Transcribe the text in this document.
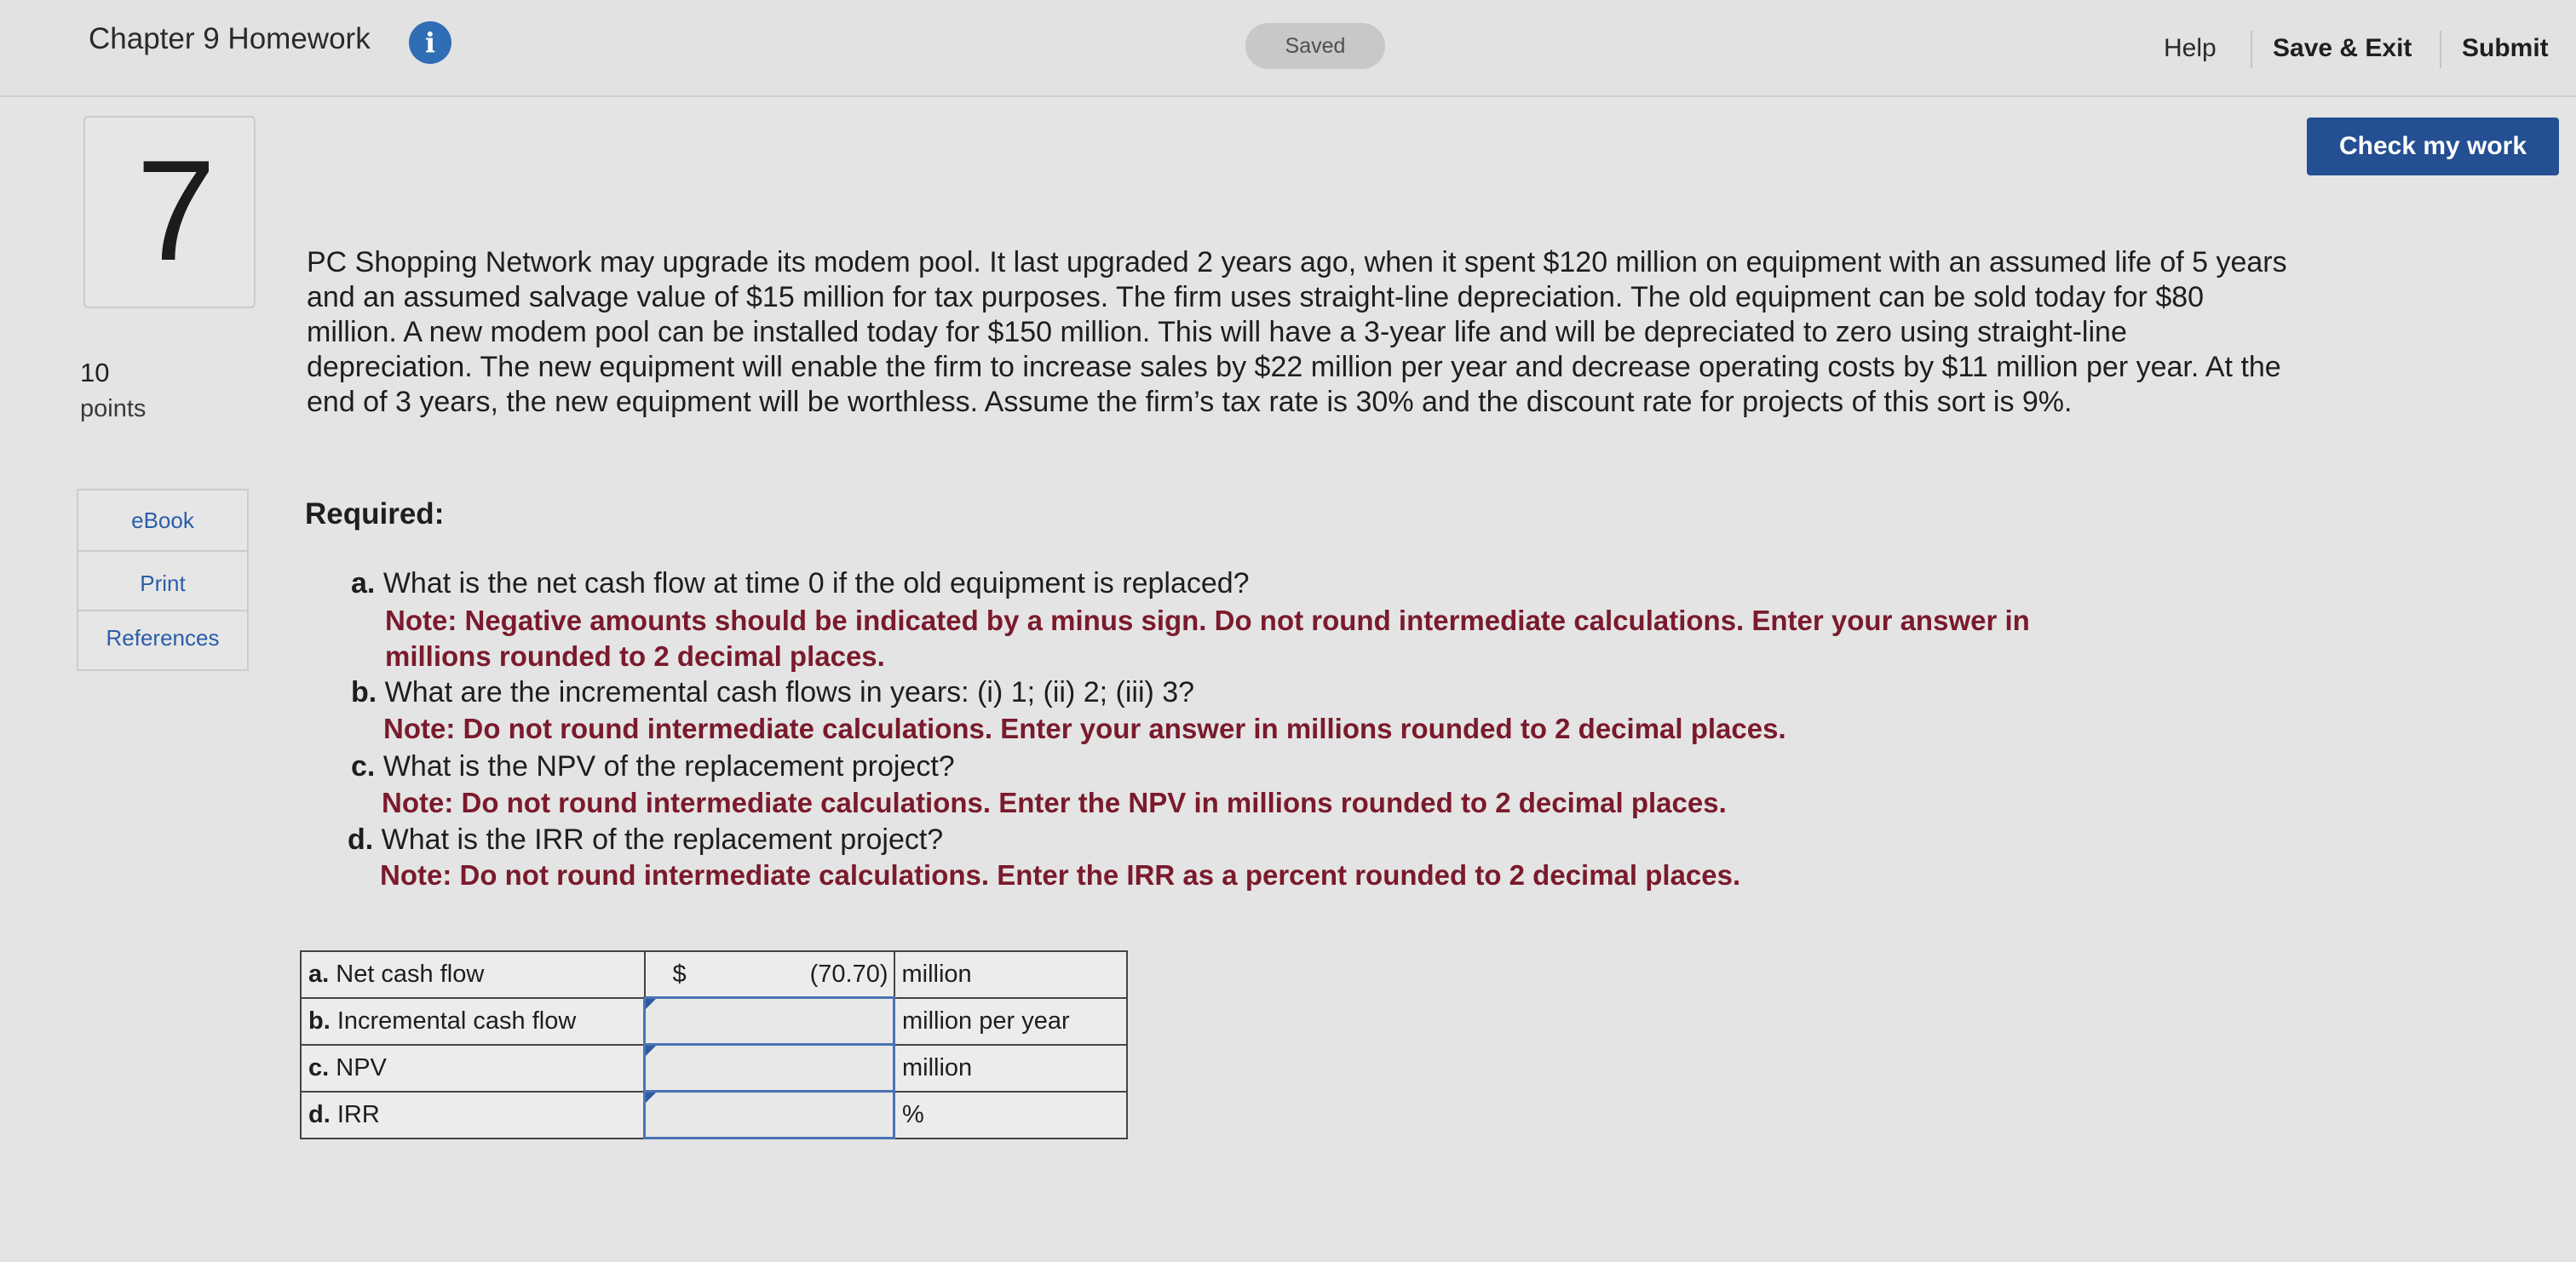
Chapter 9 Homework	i	Saved	Help Save & Exit Submit
Check my work
7
10
points
eBook
Print
References
PC Shopping Network may upgrade its modem pool. It last upgraded 2 years ago, when it spent $120 million on equipment with an assumed life of 5 years and an assumed salvage value of $15 million for tax purposes. The firm uses straight-line depreciation. The old equipment can be sold today for $80 million. A new modem pool can be installed today for $150 million. This will have a 3-year life and will be depreciated to zero using straight-line depreciation. The new equipment will enable the firm to increase sales by $22 million per year and decrease operating costs by $11 million per year. At the end of 3 years, the new equipment will be worthless. Assume the firm’s tax rate is 30% and the discount rate for projects of this sort is 9%.
Required:
a. What is the net cash flow at time 0 if the old equipment is replaced?
Note: Negative amounts should be indicated by a minus sign. Do not round intermediate calculations. Enter your answer in
millions rounded to 2 decimal places.
b. What are the incremental cash flows in years: (i) 1; (ii) 2; (iii) 3?
Note: Do not round intermediate calculations. Enter your answer in millions rounded to 2 decimal places.
c. What is the NPV of the replacement project?
Note: Do not round intermediate calculations. Enter the NPV in millions rounded to 2 decimal places.
d. What is the IRR of the replacement project?
Note: Do not round intermediate calculations. Enter the IRR as a percent rounded to 2 decimal places.
a. Net cash flow	$ (70.70)	million
b. Incremental cash flow		million per year
c. NPV		million
d. IRR		%
